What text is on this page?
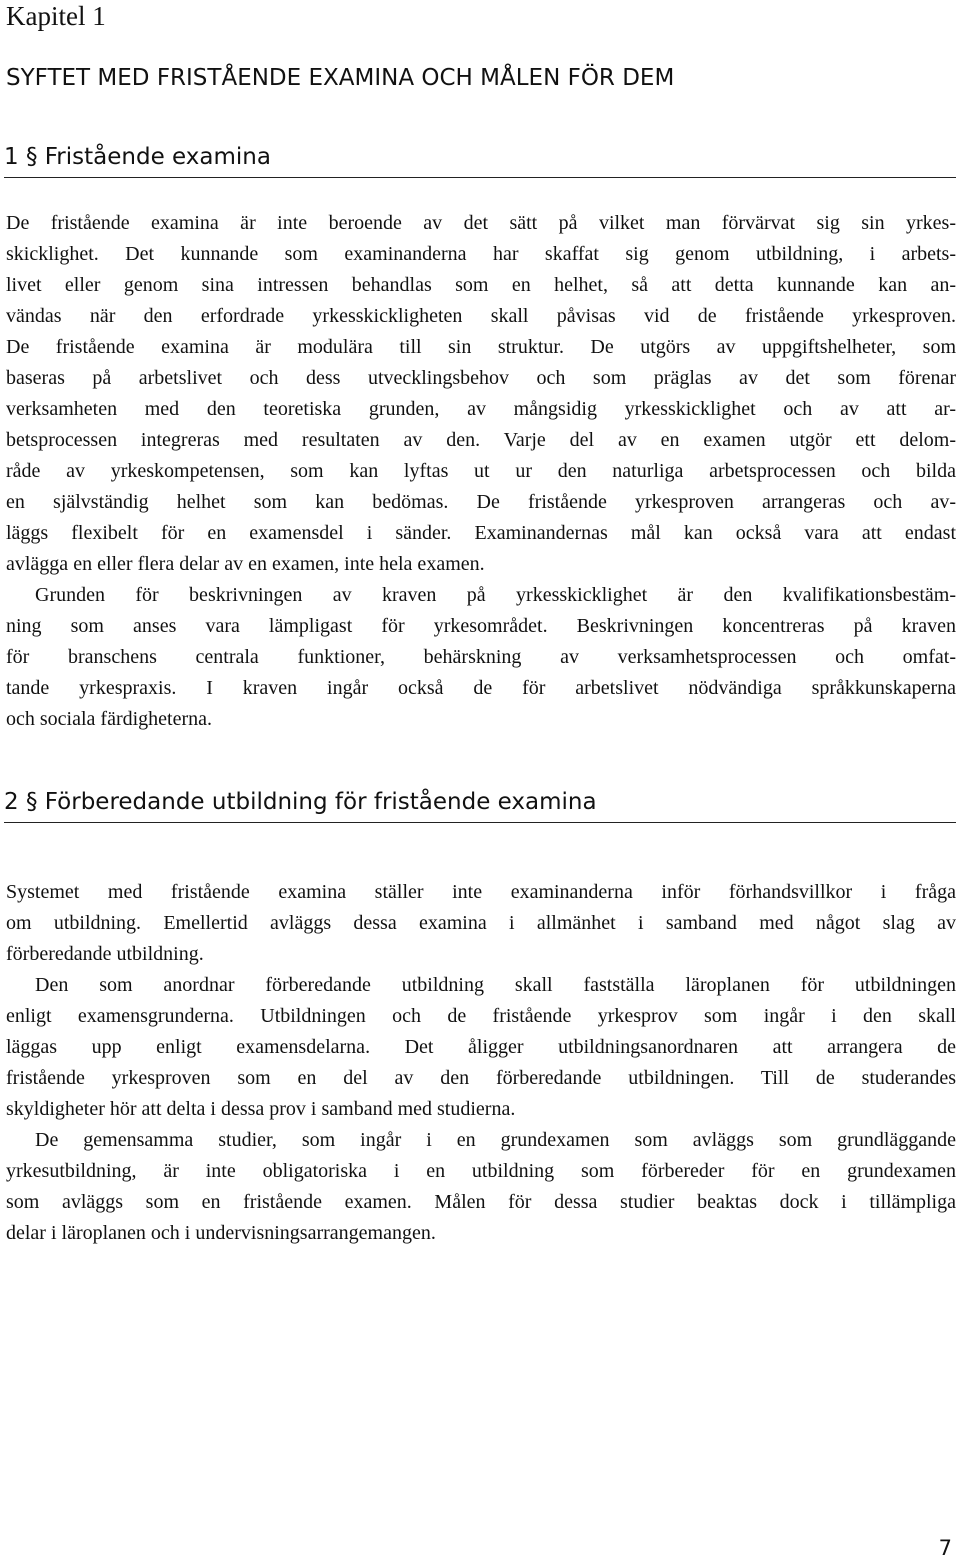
Kapitel 1
SYFTET MED FRISTÅENDE EXAMINA OCH MÅLEN FÖR DEM
1 § Fristående examina
De fristående examina är inte beroende av det sätt på vilket man förvärvat sig sin yrkes-
skicklighet. Det kunnande som examinanderna har skaffat sig genom utbildning, i arbets-
livet eller genom sina intressen behandlas som en helhet, så att detta kunnande kan an-
vändas när den erfordrade yrkesskickligheten skall påvisas vid de fristående yrkesproven.
De fristående examina är modulära till sin struktur. De utgörs av uppgiftshelheter, som
baseras på arbetslivet och dess utvecklingsbehov och som präglas av det som förenar
verksamheten med den teoretiska grunden, av mångsidig yrkesskicklighet och av att ar-
betsprocessen integreras med resultaten av den. Varje del av en examen utgör ett delom-
råde av yrkeskompetensen, som kan lyftas ut ur den naturliga arbetsprocessen och bilda
en självständig helhet som kan bedömas. De fristående yrkesproven arrangeras och av-
läggs flexibelt för en examensdel i sänder. Examinandernas mål kan också vara att endast
avlägga en eller flera delar av en examen, inte hela examen.
Grunden för beskrivningen av kraven på yrkesskicklighet är den kvalifikationsbestäm-
ning som anses vara lämpligast för yrkesområdet. Beskrivningen koncentreras på kraven
för branschens centrala funktioner, behärskning av verksamhetsprocessen och omfat-
tande yrkespraxis. I kraven ingår också de för arbetslivet nödvändiga språkkunskaperna
och sociala färdigheterna.
2 § Förberedande utbildning för fristående examina
Systemet med fristående examina ställer inte examinanderna inför förhandsvillkor i fråga
om utbildning. Emellertid avläggs dessa examina i allmänhet i samband med något slag av
förberedande utbildning.
Den som anordnar förberedande utbildning skall fastställa läroplanen för utbildningen
enligt examensgrunderna. Utbildningen och de fristående yrkesprov som ingår i den skall
läggas upp enligt examensdelarna. Det åligger utbildningsanordnaren att arrangera de
fristående yrkesproven som en del av den förberedande utbildningen. Till de studerandes
skyldigheter hör att delta i dessa prov i samband med studierna.
De gemensamma studier, som ingår i en grundexamen som avläggs som grundläggande
yrkesutbildning, är inte obligatoriska i en utbildning som förbereder för en grundexamen
som avläggs som en fristående examen. Målen för dessa studier beaktas dock i tillämpliga
delar i läroplanen och i undervisningsarrangemangen.
7
